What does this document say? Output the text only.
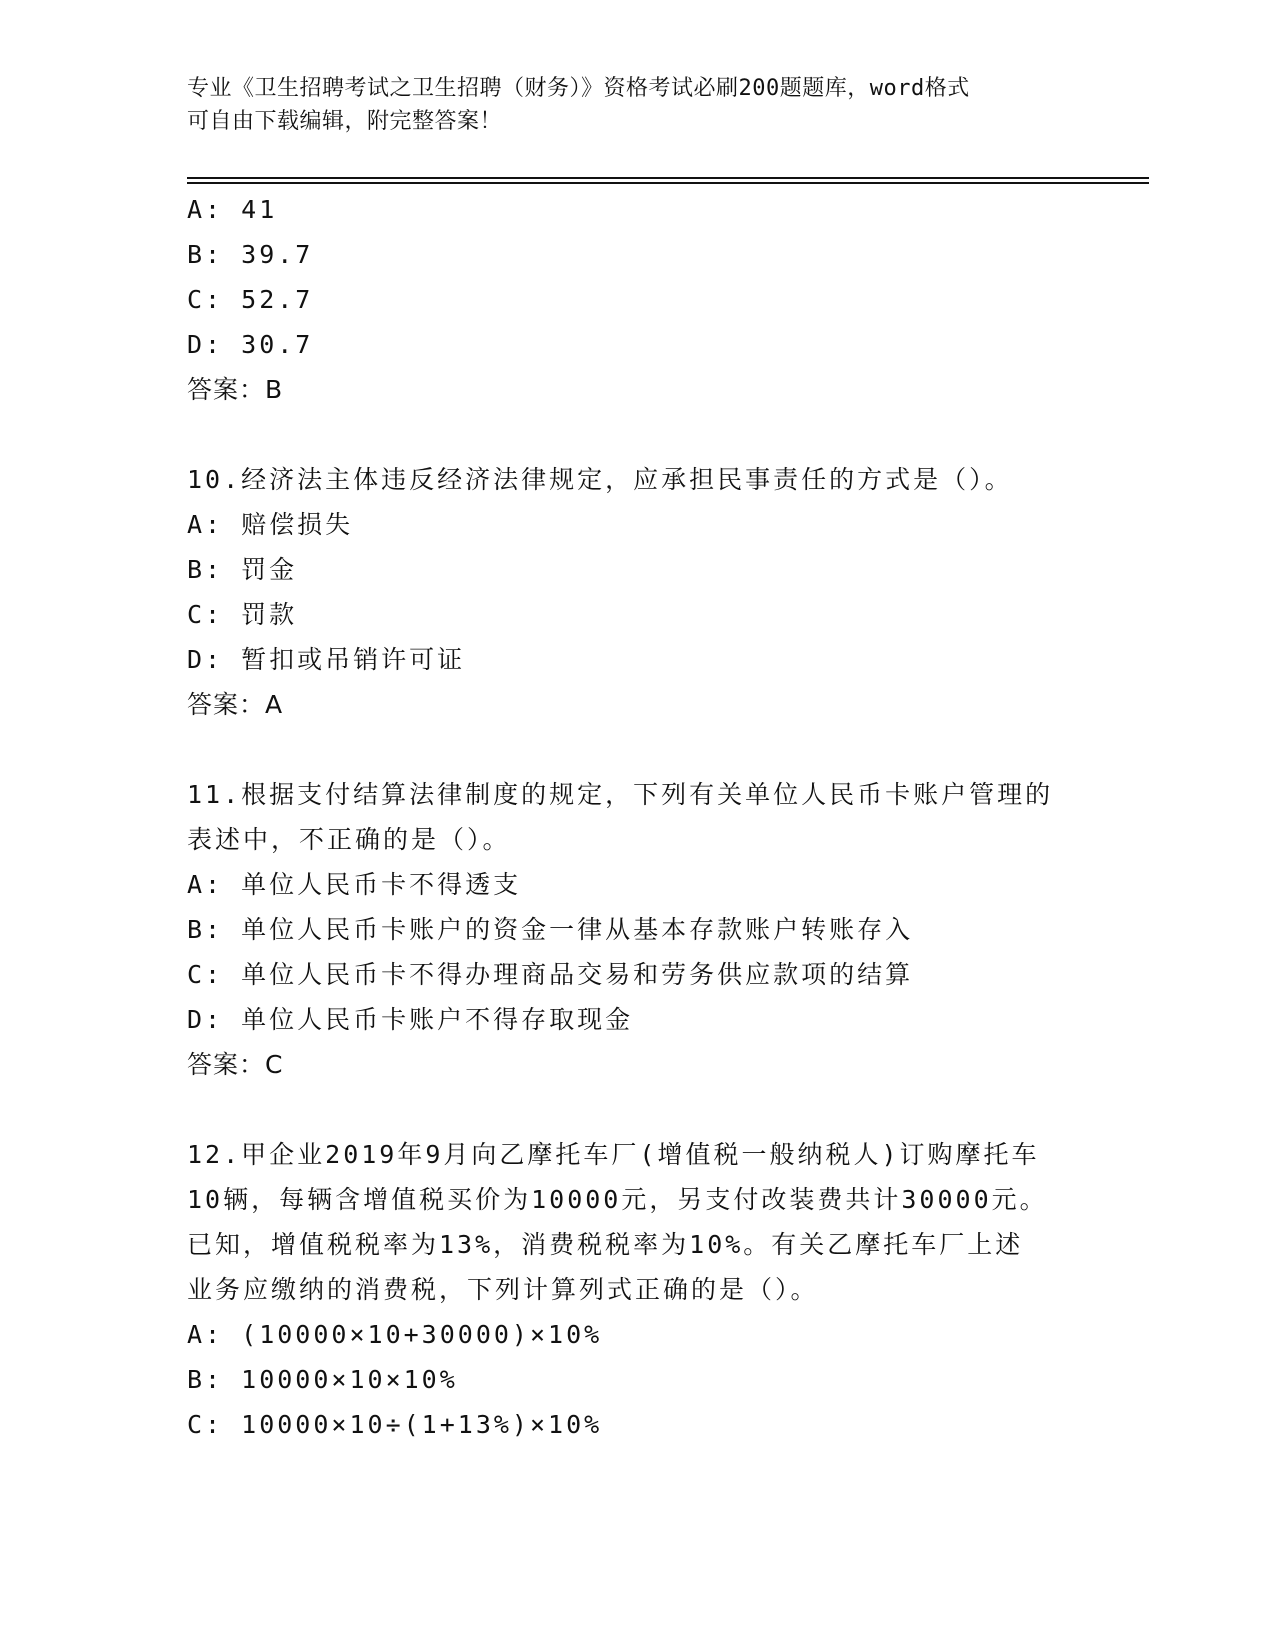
专业《卫生招聘考试之卫生招聘（财务）》资格考试必刷200题题库，word格式
可自由下载编辑，附完整答案！
A: 41
B: 39.7
C: 52.7
D: 30.7
答案：B
10.经济法主体违反经济法律规定，应承担民事责任的方式是（）。
A: 赔偿损失
B: 罚金
C: 罚款
D: 暂扣或吊销许可证
答案：A
11.根据支付结算法律制度的规定，下列有关单位人民币卡账户管理的
表述中，不正确的是（）。
A: 单位人民币卡不得透支
B: 单位人民币卡账户的资金一律从基本存款账户转账存入
C: 单位人民币卡不得办理商品交易和劳务供应款项的结算
D: 单位人民币卡账户不得存取现金
答案：C
12.甲企业2019年9月向乙摩托车厂(增值税一般纳税人)订购摩托车
10辆，每辆含增值税买价为10000元，另支付改装费共计30000元。
已知，增值税税率为13%，消费税税率为10%。有关乙摩托车厂上述
业务应缴纳的消费税，下列计算列式正确的是（）。
A: (10000×10+30000)×10%
B: 10000×10×10%
C: 10000×10÷(1+13%)×10%
